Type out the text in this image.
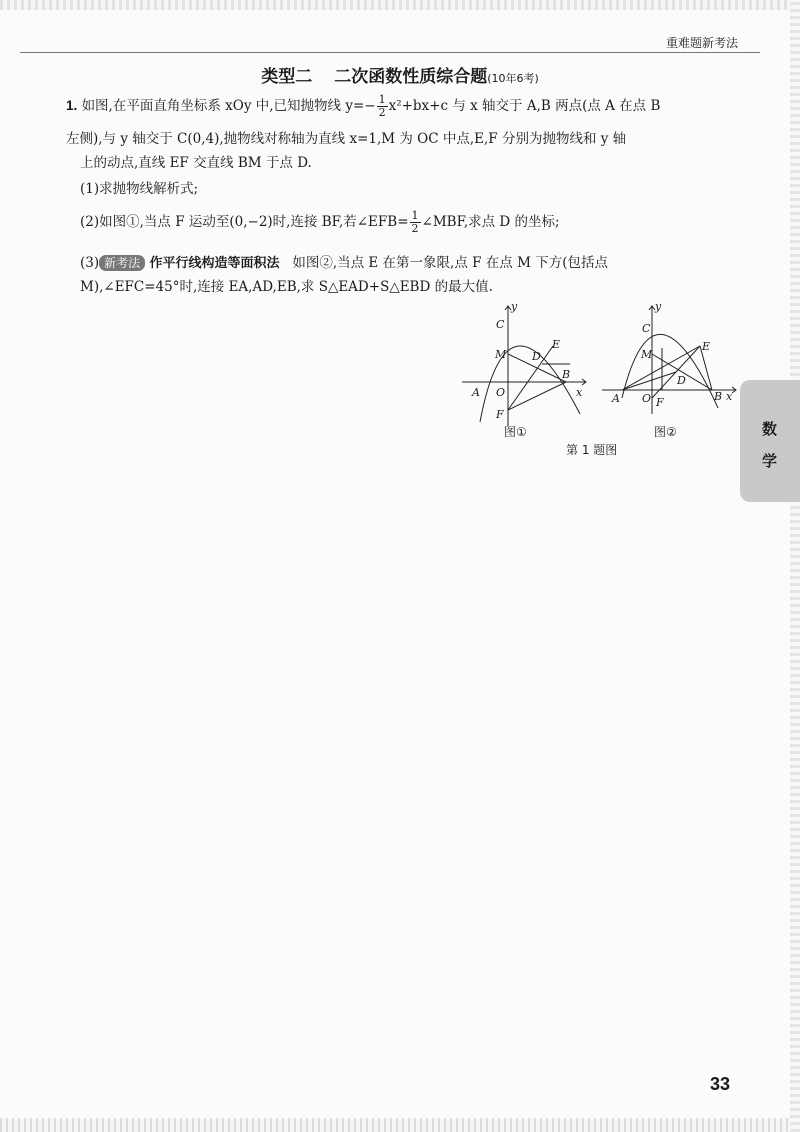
重难题新考法
类型二 二次函数性质综合题(10年6考)
1. 如图,在平面直角坐标系 xOy 中,已知抛物线 $y=- \frac{1}{2} x^2+bx+c$ 与 x 轴交于 A,B 两点(点 A 在点 B
左侧),与 y 轴交于 C(0,4),抛物线对称轴为直线 x=1,M 为 OC 中点,E,F 分别为抛物线和 y 轴
上的动点,直线 EF 交直线 BM 于点 D.
(1)求抛物线解析式;
(2)如图①,当点 F 运动至(0,−2)时,连接 BF,若∠EFB= $\frac{1}{2}$ ∠MBF,求点 D 的坐标;
(3) 新考法 作平行线构造等面积法 如图②,当点 E 在第一象限,点 F 在点 M 下方(包括点
M),∠EFC=45°时,连接 EA,AD,EB,求 S△EAD+S△EBD 的最大值.
y
C
M D
E
A O
B
x
F
图①
y
C
M
E
D
A O F	B x
图②
第 1 题图
数
学
33
